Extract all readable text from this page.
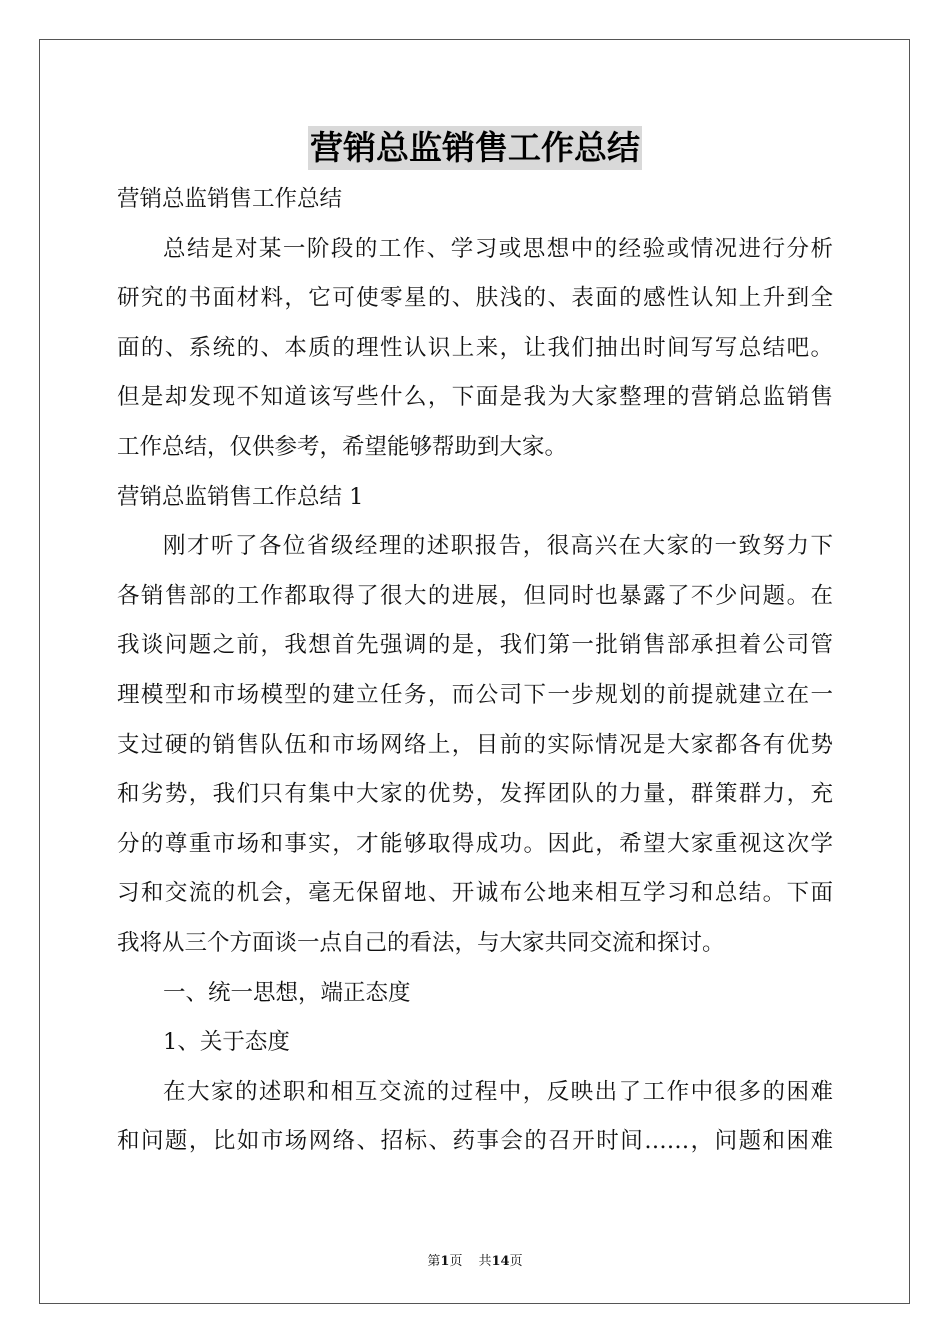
营销总监销售工作总结
营销总监销售工作总结
总结是对某一阶段的工作、学习或思想中的经验或情况进行分析
研究的书面材料，它可使零星的、肤浅的、表面的感性认知上升到全
面的、系统的、本质的理性认识上来，让我们抽出时间写写总结吧。
但是却发现不知道该写些什么，下面是我为大家整理的营销总监销售
工作总结，仅供参考，希望能够帮助到大家。
营销总监销售工作总结 1
刚才听了各位省级经理的述职报告，很高兴在大家的一致努力下
各销售部的工作都取得了很大的进展，但同时也暴露了不少问题。在
我谈问题之前，我想首先强调的是，我们第一批销售部承担着公司管
理模型和市场模型的建立任务，而公司下一步规划的前提就建立在一
支过硬的销售队伍和市场网络上，目前的实际情况是大家都各有优势
和劣势，我们只有集中大家的优势，发挥团队的力量，群策群力，充
分的尊重市场和事实，才能够取得成功。因此，希望大家重视这次学
习和交流的机会，毫无保留地、开诚布公地来相互学习和总结。下面
我将从三个方面谈一点自己的看法，与大家共同交流和探讨。
一、统一思想，端正态度
1、关于态度
在大家的述职和相互交流的过程中，反映出了工作中很多的困难
和问题，比如市场网络、招标、药事会的召开时间……，问题和困难
第1页 共14页
